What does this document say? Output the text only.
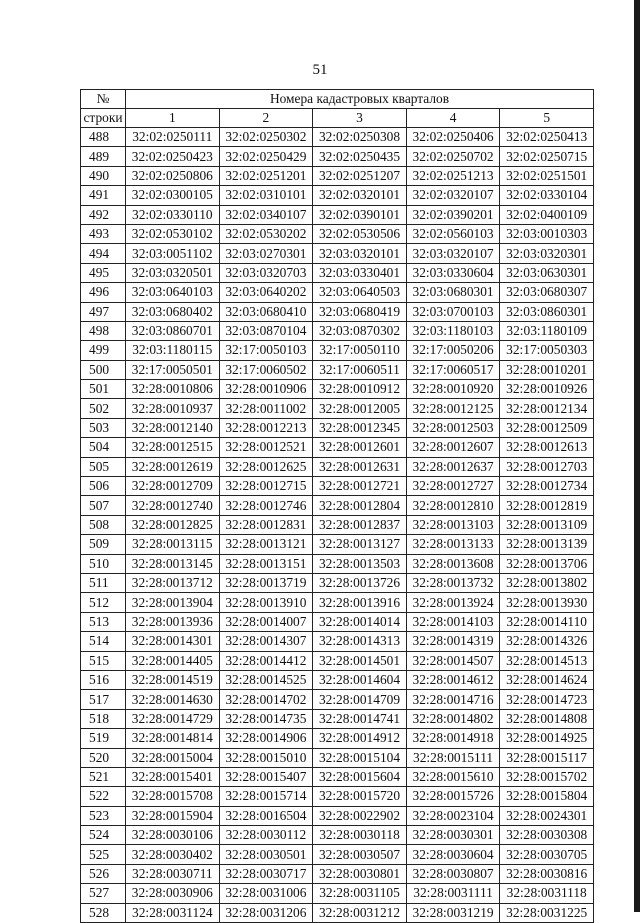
51
№	Номера кадастровых кварталов				
строки	1	2	3	4	5
488	32:02:0250111	32:02:0250302	32:02:0250308	32:02:0250406	32:02:0250413
489	32:02:0250423	32:02:0250429	32:02:0250435	32:02:0250702	32:02:0250715
490	32:02:0250806	32:02:0251201	32:02:0251207	32:02:0251213	32:02:0251501
491	32:02:0300105	32:02:0310101	32:02:0320101	32:02:0320107	32:02:0330104
492	32:02:0330110	32:02:0340107	32:02:0390101	32:02:0390201	32:02:0400109
493	32:02:0530102	32:02:0530202	32:02:0530506	32:02:0560103	32:03:0010303
494	32:03:0051102	32:03:0270301	32:03:0320101	32:03:0320107	32:03:0320301
495	32:03:0320501	32:03:0320703	32:03:0330401	32:03:0330604	32:03:0630301
496	32:03:0640103	32:03:0640202	32:03:0640503	32:03:0680301	32:03:0680307
497	32:03:0680402	32:03:0680410	32:03:0680419	32:03:0700103	32:03:0860301
498	32:03:0860701	32:03:0870104	32:03:0870302	32:03:1180103	32:03:1180109
499	32:03:1180115	32:17:0050103	32:17:0050110	32:17:0050206	32:17:0050303
500	32:17:0050501	32:17:0060502	32:17:0060511	32:17:0060517	32:28:0010201
501	32:28:0010806	32:28:0010906	32:28:0010912	32:28:0010920	32:28:0010926
502	32:28:0010937	32:28:0011002	32:28:0012005	32:28:0012125	32:28:0012134
503	32:28:0012140	32:28:0012213	32:28:0012345	32:28:0012503	32:28:0012509
504	32:28:0012515	32:28:0012521	32:28:0012601	32:28:0012607	32:28:0012613
505	32:28:0012619	32:28:0012625	32:28:0012631	32:28:0012637	32:28:0012703
506	32:28:0012709	32:28:0012715	32:28:0012721	32:28:0012727	32:28:0012734
507	32:28:0012740	32:28:0012746	32:28:0012804	32:28:0012810	32:28:0012819
508	32:28:0012825	32:28:0012831	32:28:0012837	32:28:0013103	32:28:0013109
509	32:28:0013115	32:28:0013121	32:28:0013127	32:28:0013133	32:28:0013139
510	32:28:0013145	32:28:0013151	32:28:0013503	32:28:0013608	32:28:0013706
511	32:28:0013712	32:28:0013719	32:28:0013726	32:28:0013732	32:28:0013802
512	32:28:0013904	32:28:0013910	32:28:0013916	32:28:0013924	32:28:0013930
513	32:28:0013936	32:28:0014007	32:28:0014014	32:28:0014103	32:28:0014110
514	32:28:0014301	32:28:0014307	32:28:0014313	32:28:0014319	32:28:0014326
515	32:28:0014405	32:28:0014412	32:28:0014501	32:28:0014507	32:28:0014513
516	32:28:0014519	32:28:0014525	32:28:0014604	32:28:0014612	32:28:0014624
517	32:28:0014630	32:28:0014702	32:28:0014709	32:28:0014716	32:28:0014723
518	32:28:0014729	32:28:0014735	32:28:0014741	32:28:0014802	32:28:0014808
519	32:28:0014814	32:28:0014906	32:28:0014912	32:28:0014918	32:28:0014925
520	32:28:0015004	32:28:0015010	32:28:0015104	32:28:0015111	32:28:0015117
521	32:28:0015401	32:28:0015407	32:28:0015604	32:28:0015610	32:28:0015702
522	32:28:0015708	32:28:0015714	32:28:0015720	32:28:0015726	32:28:0015804
523	32:28:0015904	32:28:0016504	32:28:0022902	32:28:0023104	32:28:0024301
524	32:28:0030106	32:28:0030112	32:28:0030118	32:28:0030301	32:28:0030308
525	32:28:0030402	32:28:0030501	32:28:0030507	32:28:0030604	32:28:0030705
526	32:28:0030711	32:28:0030717	32:28:0030801	32:28:0030807	32:28:0030816
527	32:28:0030906	32:28:0031006	32:28:0031105	32:28:0031111	32:28:0031118
528	32:28:0031124	32:28:0031206	32:28:0031212	32:28:0031219	32:28:0031225
